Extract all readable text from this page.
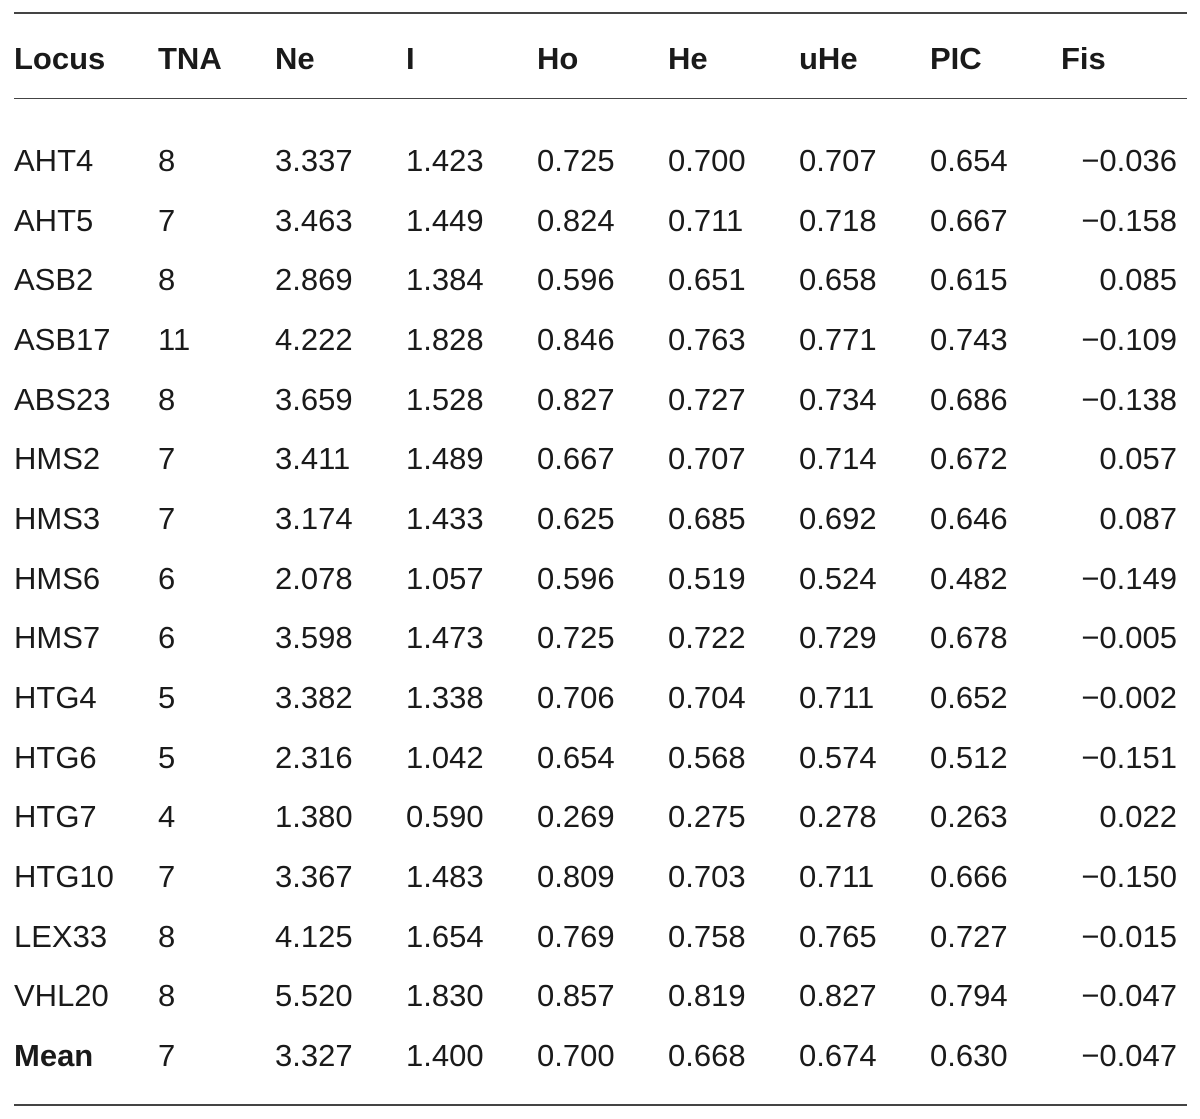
Locus	TNA	Ne	I	Ho	He	uHe	PIC	Fis
AHT4	8	3.337	1.423	0.725	0.700	0.707	0.654	−0.036
AHT5	7	3.463	1.449	0.824	0.711	0.718	0.667	−0.158
ASB2	8	2.869	1.384	0.596	0.651	0.658	0.615	0.085
ASB17	11	4.222	1.828	0.846	0.763	0.771	0.743	−0.109
ABS23	8	3.659	1.528	0.827	0.727	0.734	0.686	−0.138
HMS2	7	3.411	1.489	0.667	0.707	0.714	0.672	0.057
HMS3	7	3.174	1.433	0.625	0.685	0.692	0.646	0.087
HMS6	6	2.078	1.057	0.596	0.519	0.524	0.482	−0.149
HMS7	6	3.598	1.473	0.725	0.722	0.729	0.678	−0.005
HTG4	5	3.382	1.338	0.706	0.704	0.711	0.652	−0.002
HTG6	5	2.316	1.042	0.654	0.568	0.574	0.512	−0.151
HTG7	4	1.380	0.590	0.269	0.275	0.278	0.263	0.022
HTG10	7	3.367	1.483	0.809	0.703	0.711	0.666	−0.150
LEX33	8	4.125	1.654	0.769	0.758	0.765	0.727	−0.015
VHL20	8	5.520	1.830	0.857	0.819	0.827	0.794	−0.047
Mean	7	3.327	1.400	0.700	0.668	0.674	0.630	−0.047
